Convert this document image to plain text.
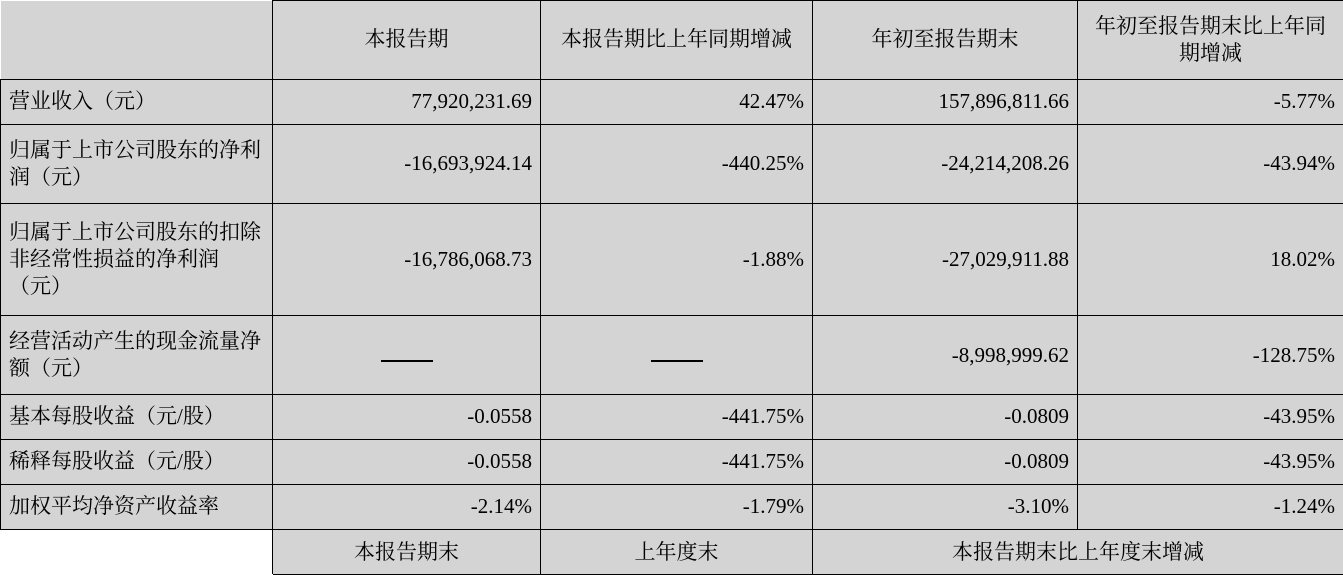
	本报告期	本报告期比上年同期增减	年初至报告期末	年初至报告期末比上年同期增减
营业收入（元）	77,920,231.69	42.47%	157,896,811.66	-5.77%
归属于上市公司股东的净利润（元）	-16,693,924.14	-440.25%	-24,214,208.26	-43.94%
归属于上市公司股东的扣除非经常性损益的净利润（元）	-16,786,068.73	-1.88%	-27,029,911.88	18.02%
经营活动产生的现金流量净额（元）			-8,998,999.62	-128.75%
基本每股收益（元/股）	-0.0558	-441.75%	-0.0809	-43.95%
稀释每股收益（元/股）	-0.0558	-441.75%	-0.0809	-43.95%
加权平均净资产收益率	-2.14%	-1.79%	-3.10%	-1.24%
	本报告期末	上年度末	本报告期末比上年度末增减	
